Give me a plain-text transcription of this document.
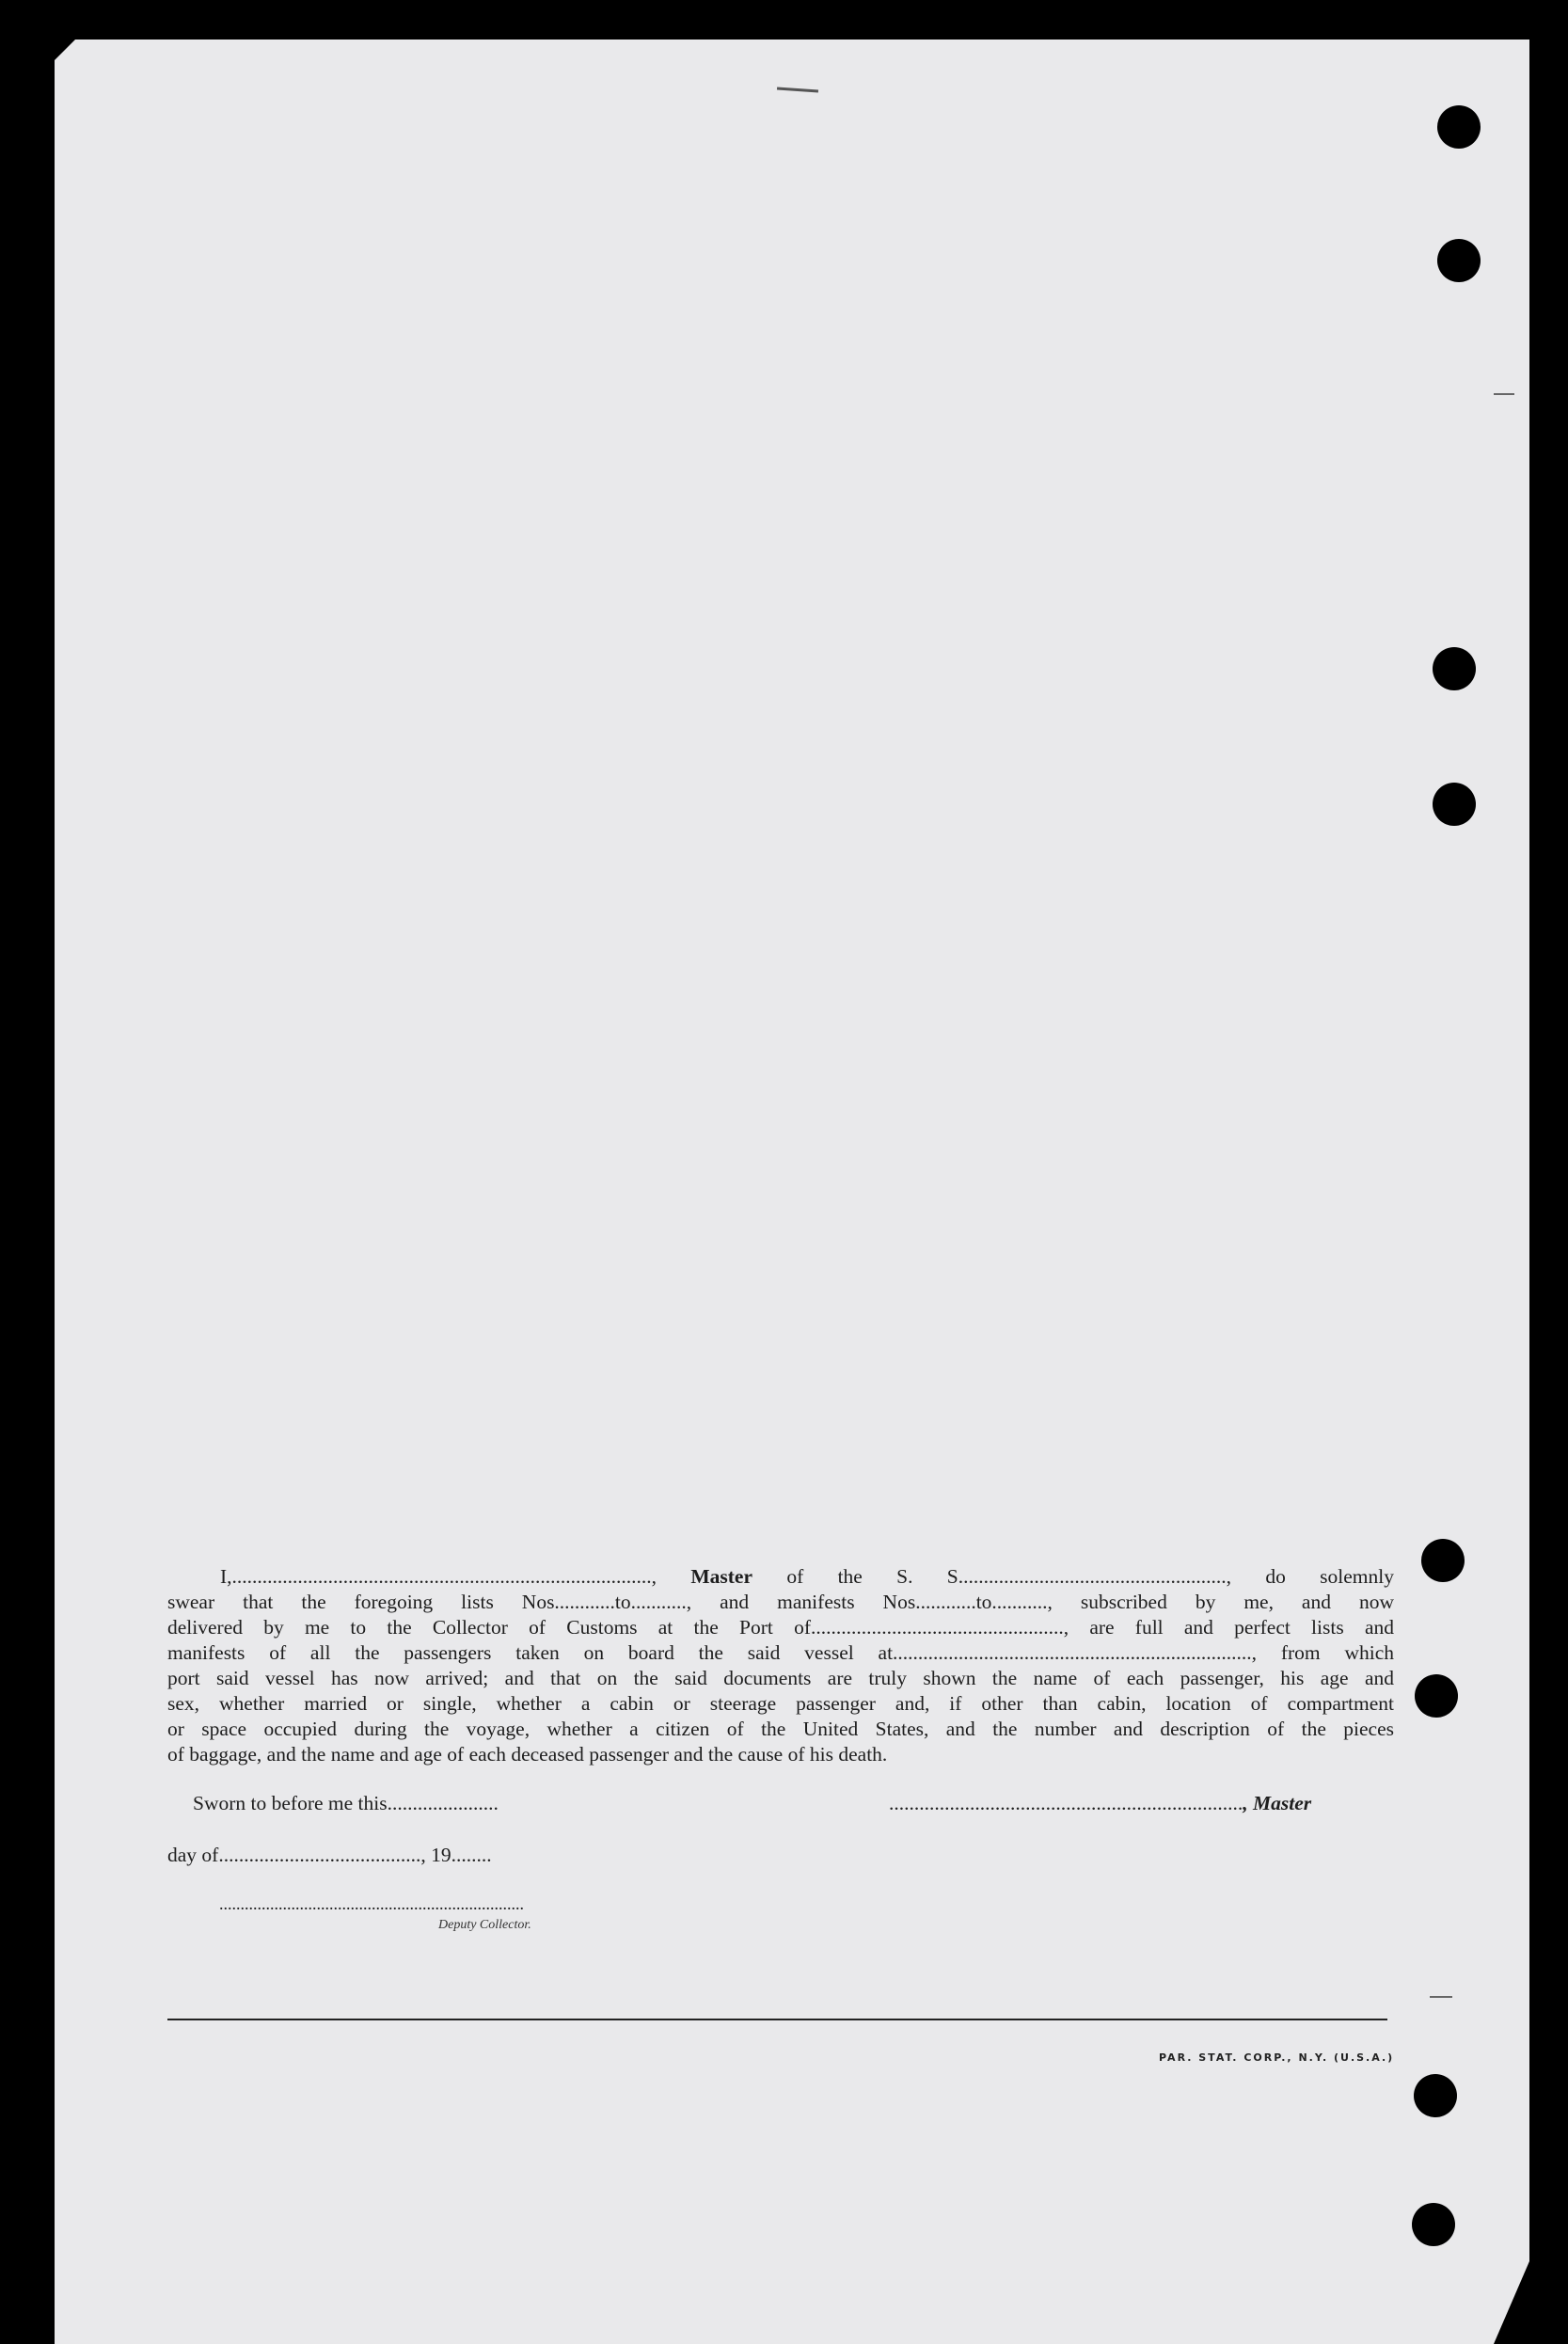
I,..................................................................................., Master of the S. S....................................................., do solemnly
swear that the foregoing lists Nos............to..........., and manifests Nos............to..........., subscribed by me, and now
delivered by me to the Collector of Customs at the Port of.................................................., are full and perfect lists and
manifests of all the passengers taken on board the said vessel at......................................................................., from which
port said vessel has now arrived; and that on the said documents are truly shown the name of each passenger, his age and
sex, whether married or single, whether a cabin or steerage passenger and, if other than cabin, location of compartment
or space occupied during the voyage, whether a citizen of the United States, and the number and description of the pieces
of baggage, and the name and age of each deceased passenger and the cause of his death.
Sworn to before me this......................	......................................................................, Master
day of........................................, 19........
........................................................................
Deputy Collector.
PAR. STAT. CORP., N.Y. (U.S.A.)
